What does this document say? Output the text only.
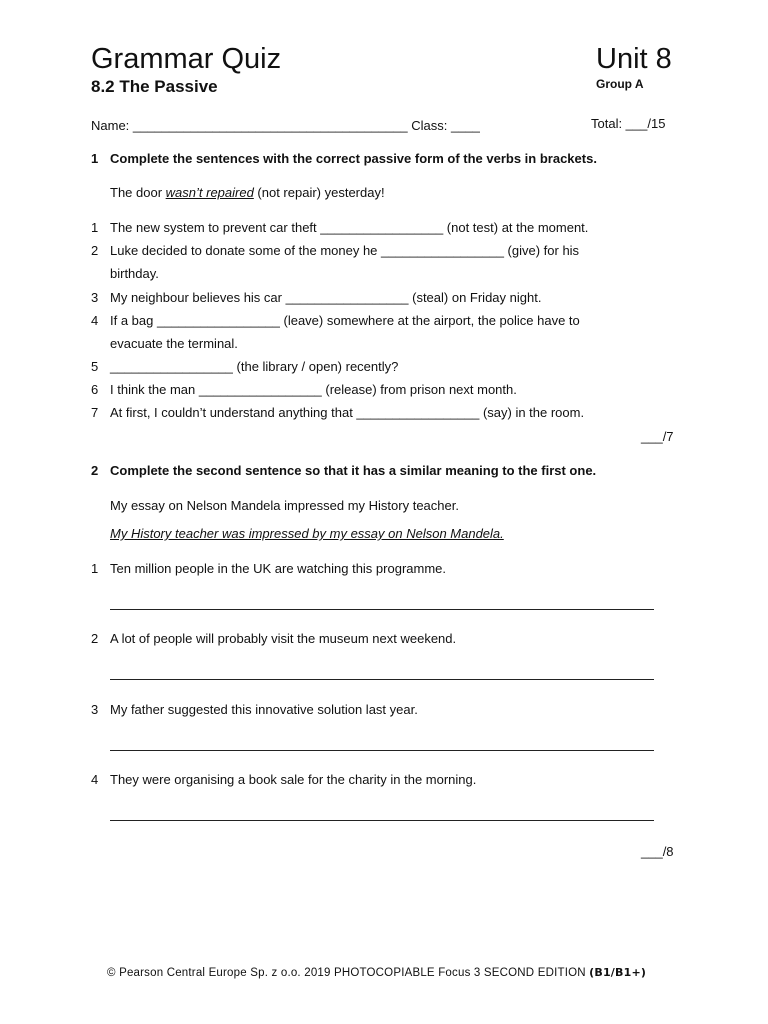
Grammar Quiz	Unit 8
8.2 The Passive	Group A
Name: ______________________________________ Class: ____	Total: ___/15
1 Complete the sentences with the correct passive form of the verbs in brackets.
The door wasn’t repaired (not repair) yesterday!
1 The new system to prevent car theft _________________ (not test) at the moment.
2 Luke decided to donate some of the money he _________________ (give) for his
birthday.
3 My neighbour believes his car _________________ (steal) on Friday night.
4 If a bag _________________ (leave) somewhere at the airport, the police have to
evacuate the terminal.
5 _________________ (the library / open) recently?
6 I think the man _________________ (release) from prison next month.
7 At first, I couldn’t understand anything that _________________ (say) in the room.
___/7
2 Complete the second sentence so that it has a similar meaning to the first one.
My essay on Nelson Mandela impressed my History teacher.
My History teacher was impressed by my essay on Nelson Mandela.
1 Ten million people in the UK are watching this programme.
2 A lot of people will probably visit the museum next weekend.
3 My father suggested this innovative solution last year.
4 They were organising a book sale for the charity in the morning.
___/8
© Pearson Central Europe Sp. z o.o. 2019 PHOTOCOPIABLE Focus 3 SECOND EDITION (B1/B1+)
